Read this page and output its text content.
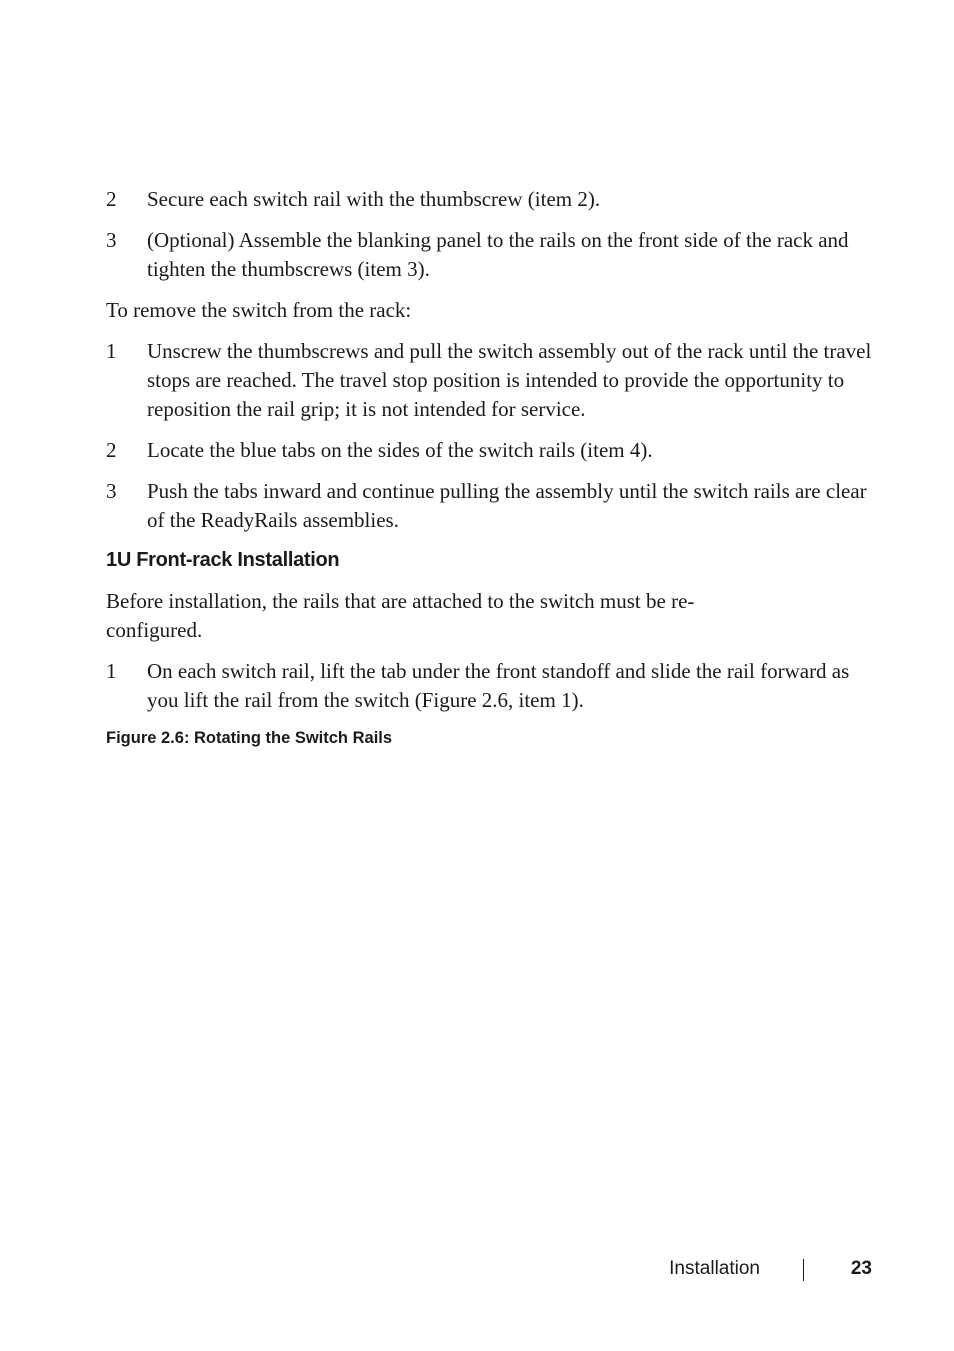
2	Secure each switch rail with the thumbscrew (item 2).
3	(Optional) Assemble the blanking panel to the rails on the front side of the rack and tighten the thumbscrews (item 3).
To remove the switch from the rack:
1	Unscrew the thumbscrews and pull the switch assembly out of the rack until the travel stops are reached. The travel stop position is intended to provide the opportunity to reposition the rail grip; it is not intended for service.
2	Locate the blue tabs on the sides of the switch rails (item 4).
3	Push the tabs inward and continue pulling the assembly until the switch rails are clear of the ReadyRails assemblies.
1U Front-rack Installation
Before installation, the rails that are attached to the switch must be re-
configured.
1	On each switch rail, lift the tab under the front standoff and slide the rail forward as you lift the rail from the switch (Figure 2.6, item 1).
Figure 2.6: Rotating the Switch Rails
Installation	23
